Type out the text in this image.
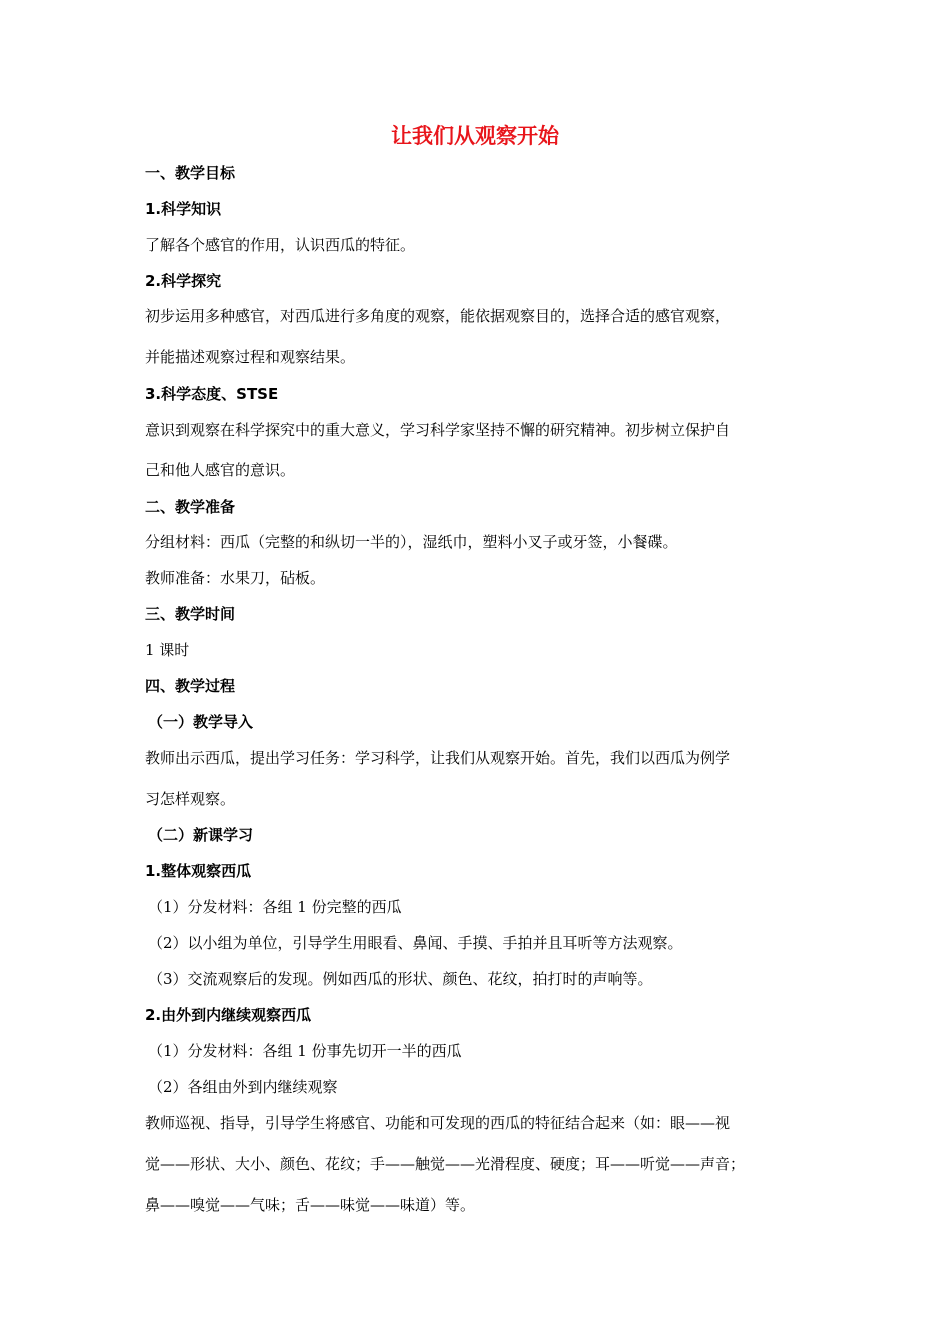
让我们从观察开始
一、教学目标
1.科学知识
了解各个感官的作用，认识西瓜的特征。
2.科学探究
初步运用多种感官，对西瓜进行多角度的观察，能依据观察目的，选择合适的感官观察，
并能描述观察过程和观察结果。
3.科学态度、STSE
意识到观察在科学探究中的重大意义，学习科学家坚持不懈的研究精神。初步树立保护自
己和他人感官的意识。
二、教学准备
分组材料：西瓜（完整的和纵切一半的），湿纸巾，塑料小叉子或牙签，小餐碟。
教师准备：水果刀，砧板。
三、教学时间
1 课时
四、教学过程
（一）教学导入
教师出示西瓜，提出学习任务：学习科学，让我们从观察开始。首先，我们以西瓜为例学
习怎样观察。
（二）新课学习
1.整体观察西瓜
（1）分发材料：各组 1 份完整的西瓜
（2）以小组为单位，引导学生用眼看、鼻闻、手摸、手拍并且耳听等方法观察。
（3）交流观察后的发现。例如西瓜的形状、颜色、花纹，拍打时的声响等。
2.由外到内继续观察西瓜
（1）分发材料：各组 1 份事先切开一半的西瓜
（2）各组由外到内继续观察
教师巡视、指导，引导学生将感官、功能和可发现的西瓜的特征结合起来（如：眼——视
觉——形状、大小、颜色、花纹；手——触觉——光滑程度、硬度；耳——听觉——声音；
鼻——嗅觉——气味；舌——味觉——味道）等。
